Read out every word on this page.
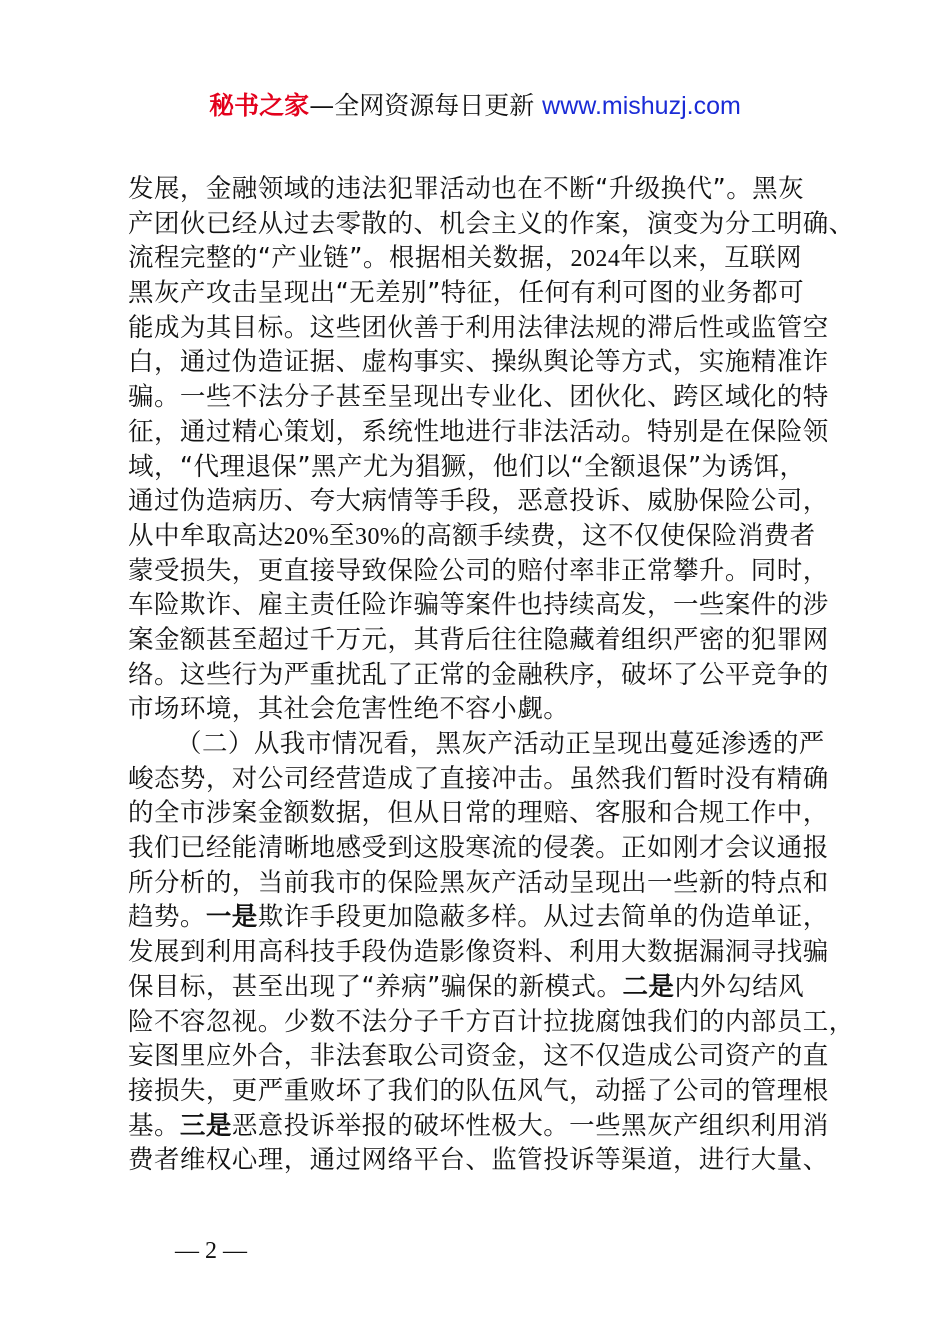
秘书之家—全网资源每日更新 www.mishuzj.com
发展，金融领域的违法犯罪活动也在不断“升级换代”。黑灰
产团伙已经从过去零散的、机会主义的作案，演变为分工明确、
流程完整的“产业链”。根据相关数据，2024年以来，互联网
黑灰产攻击呈现出“无差别”特征，任何有利可图的业务都可
能成为其目标。这些团伙善于利用法律法规的滞后性或监管空
白，通过伪造证据、虚构事实、操纵舆论等方式，实施精准诈
骗。一些不法分子甚至呈现出专业化、团伙化、跨区域化的特
征，通过精心策划，系统性地进行非法活动。特别是在保险领
域，“代理退保”黑产尤为猖獗，他们以“全额退保”为诱饵，
通过伪造病历、夸大病情等手段，恶意投诉、威胁保险公司，
从中牟取高达20%至30%的高额手续费，这不仅使保险消费者
蒙受损失，更直接导致保险公司的赔付率非正常攀升。同时，
车险欺诈、雇主责任险诈骗等案件也持续高发，一些案件的涉
案金额甚至超过千万元，其背后往往隐藏着组织严密的犯罪网
络。这些行为严重扰乱了正常的金融秩序，破坏了公平竞争的
市场环境，其社会危害性绝不容小觑。
（二）从我市情况看，黑灰产活动正呈现出蔓延渗透的严
峻态势，对公司经营造成了直接冲击。虽然我们暂时没有精确
的全市涉案金额数据，但从日常的理赔、客服和合规工作中，
我们已经能清晰地感受到这股寒流的侵袭。正如刚才会议通报
所分析的，当前我市的保险黑灰产活动呈现出一些新的特点和
趋势。一是欺诈手段更加隐蔽多样。从过去简单的伪造单证，
发展到利用高科技手段伪造影像资料、利用大数据漏洞寻找骗
保目标，甚至出现了“养病”骗保的新模式。二是内外勾结风
险不容忽视。少数不法分子千方百计拉拢腐蚀我们的内部员工，
妄图里应外合，非法套取公司资金，这不仅造成公司资产的直
接损失，更严重败坏了我们的队伍风气，动摇了公司的管理根
基。三是恶意投诉举报的破坏性极大。一些黑灰产组织利用消
费者维权心理，通过网络平台、监管投诉等渠道，进行大量、
— 2 —
